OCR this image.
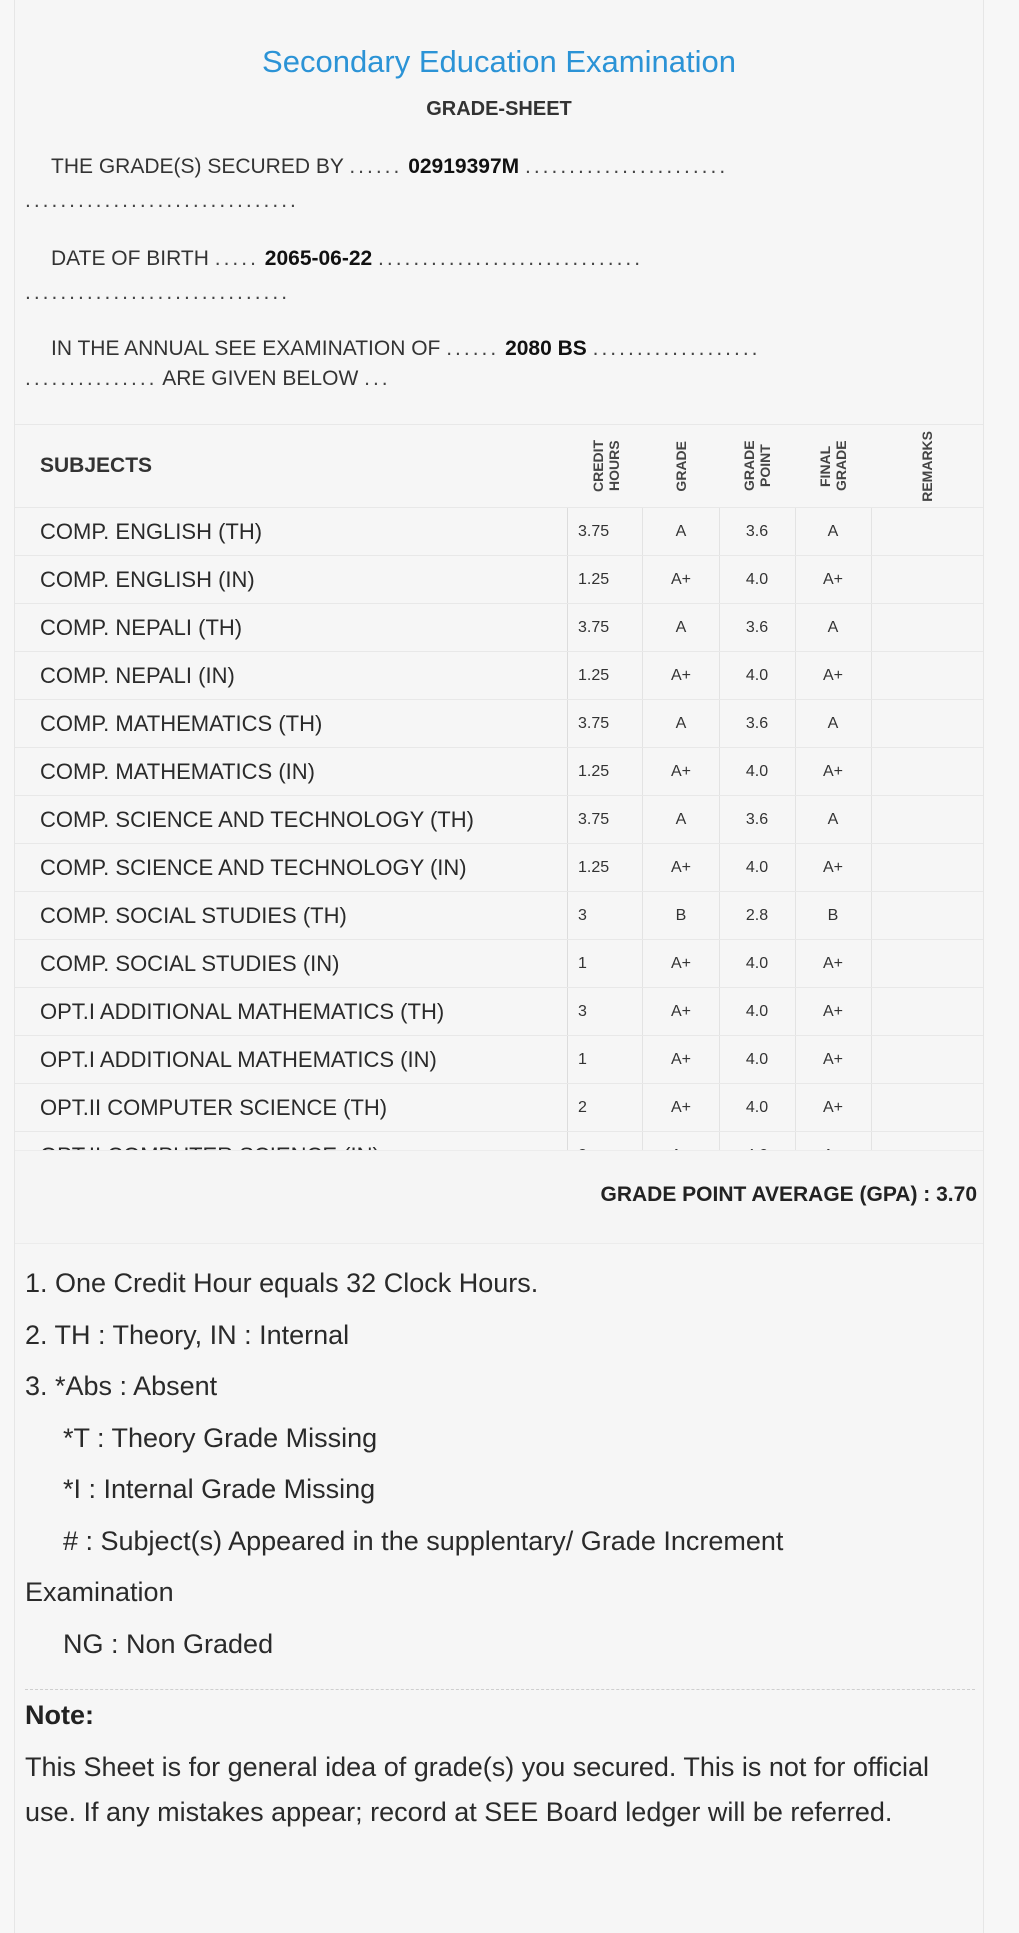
Secondary Education Examination
GRADE-SHEET
THE GRADE(S) SECURED BY ...... 02919397M .......................
...............................
DATE OF BIRTH ..... 2065-06-22 ..............................
..............................
IN THE ANNUAL SEE EXAMINATION OF ...... 2080 BS ...................
............... ARE GIVEN BELOW ...
SUBJECTS	CREDIT HOURS	GRADE	GRADE POINT	FINAL GRADE	REMARKS
COMP. ENGLISH (TH)	3.75	A	3.6	A
COMP. ENGLISH (IN)	1.25	A+	4.0	A+
COMP. NEPALI (TH)	3.75	A	3.6	A
COMP. NEPALI (IN)	1.25	A+	4.0	A+
COMP. MATHEMATICS (TH)	3.75	A	3.6	A
COMP. MATHEMATICS (IN)	1.25	A+	4.0	A+
COMP. SCIENCE AND TECHNOLOGY (TH)	3.75	A	3.6	A
COMP. SCIENCE AND TECHNOLOGY (IN)	1.25	A+	4.0	A+
COMP. SOCIAL STUDIES (TH)	3	B	2.8	B
COMP. SOCIAL STUDIES (IN)	1	A+	4.0	A+
OPT.I ADDITIONAL MATHEMATICS (TH)	3	A+	4.0	A+
OPT.I ADDITIONAL MATHEMATICS (IN)	1	A+	4.0	A+
OPT.II COMPUTER SCIENCE (TH)	2	A+	4.0	A+
GRADE POINT AVERAGE (GPA) : 3.70
1. One Credit Hour equals 32 Clock Hours.
2. TH : Theory, IN : Internal
3. *Abs : Absent
*T : Theory Grade Missing
*I : Internal Grade Missing
# : Subject(s) Appeared in the supplentary/ Grade Increment
Examination
NG : Non Graded
Note:
This Sheet is for general idea of grade(s) you secured. This is not for official use. If any mistakes appear; record at SEE Board ledger will be referred.
